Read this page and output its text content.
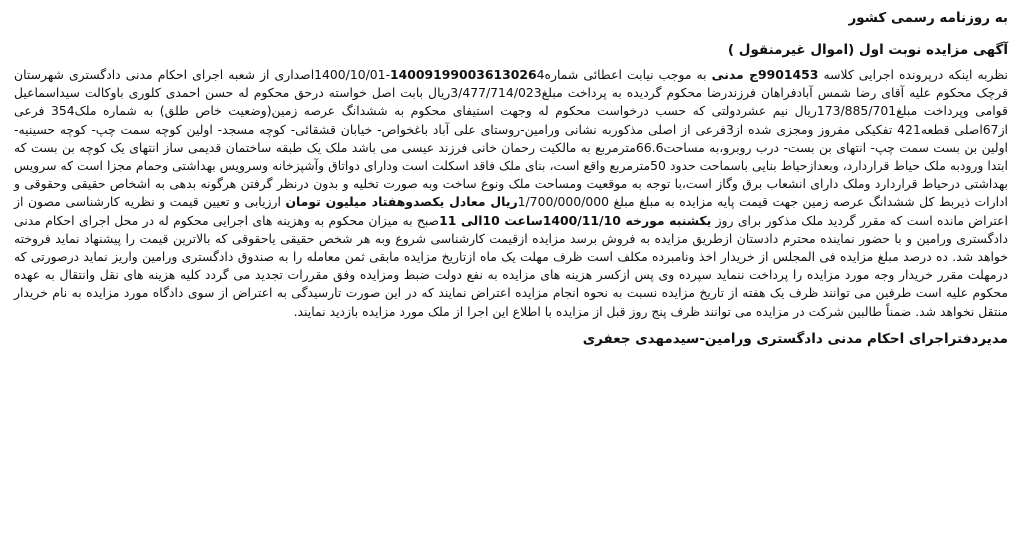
به روزنامه رسمی کشور
آگهی مزایده نوبت اول (اموال غیرمنقول )

نظربه اینکه درپرونده اجرایی کلاسه 9901453ج مدنی به موجب نیابت اعطائی شماره140091990036130264-1400/10/01اصداری از شعبه اجرای احکام مدنی دادگستری شهرستان قرچک محکوم علیه آقای رضا شمس آبادفراهان فرزندرضا محکوم گردیده به پرداخت مبلغ3/477/714/023ریال بابت اصل خواسته درحق محکوم له حسن احمدی کلوری باوکالت سیداسماعیل قوامی وپرداخت مبلغ173/885/701ریال نیم عشردولتی که حسب درخواست محکوم له وجهت استیفای محکوم به ششدانگ عرصه زمین(وضعیت خاص طلق) به شماره ملک354 فرعی از67اصلی قطعه421 تفکیکی مفروز ومجزی شده از3فرعی از اصلی مذکوربه نشانی ورامین-روستای علی آباد باغخواص- خیابان قشقائی- کوچه مسجد- اولین کوچه سمت چپ- کوچه حسینیه- اولین بن بست سمت چپ- انتهای بن بست- درب روبرو،به مساحت66.6مترمربع به مالکیت رحمان خانی فرزند عیسی می باشد ملک یک طبقه ساختمان قدیمی ساز انتهای یک کوچه بن بست که ابتدا ورودبه ملک حیاط قراردارد، وبعدازحیاط بنایی باسماحت حدود 50مترمربع واقع است، بنای ملک فاقد اسکلت است ودارای دواتاق وآشپزخانه وسرویس بهداشتی وحمام مجزا است که سرویس بهداشتی درحیاط قراردارد وملک دارای انشعاب برق وگاز است،با توجه به موقعیت ومساحت ملک ونوع ساخت وبه صورت تخلیه و بدون درنظر گرفتن هرگونه بدهی به اشخاص حقیقی وحقوقی و ادارات ذیربط کل ششدانگ عرصه زمین جهت قیمت پایه مزایده به مبلغ مبلغ 1/700/000/000ریال معادل یکصدوهفتاد میلیون تومان ارزیابی و تعیین قیمت و نظریه کارشناسی مصون از اعتراض مانده است که مقرر گردید ملک مذکور برای روز یکشنبه مورخه 1400/11/10ساعت 10الی 11صبح به میزان محکوم به وهزینه های اجرایی محکوم له در محل اجرای احکام مدنی دادگستری ورامین و با حضور نماینده محترم دادستان ازطریق مزایده به فروش برسد مزایده ازقیمت کارشناسی شروع وبه هر شخص حقیقی یاحقوقی که بالاترین قیمت را پیشنهاد نماید فروخته خواهد شد. ده درصد مبلغ مزایده فی المجلس از خریدار اخذ ونامبرده مکلف است ظرف مهلت یک ماه ازتاریخ مزایده مابقی ثمن معامله را به صندوق دادگستری ورامین واریز نماید درصورتی که درمهلت مقرر خریدار وجه مورد مزایده را پرداخت ننماید سپرده وی پس ازکسر هزینه های مزایده به نفع دولت ضبط ومزایده وفق مقررات تجدید می گردد کلیه هزینه های نقل وانتقال به عهده محکوم علیه است طرفین می توانند ظرف یک هفته از تاریخ مزایده نسبت به نحوه انجام مزایده اعتراض نمایند که در این صورت تارسیدگی به اعتراض از سوی دادگاه مورد مزایده به نام خریدار منتقل نخواهد شد. ضمناً طالبین شرکت در مزایده می توانند ظرف پنج روز قبل از مزایده با اطلاع این اجرا از ملک مورد مزایده بازدید نمایند.

مدیردفتراجرای احکام مدنی دادگستری ورامین-سیدمهدی جعفری
